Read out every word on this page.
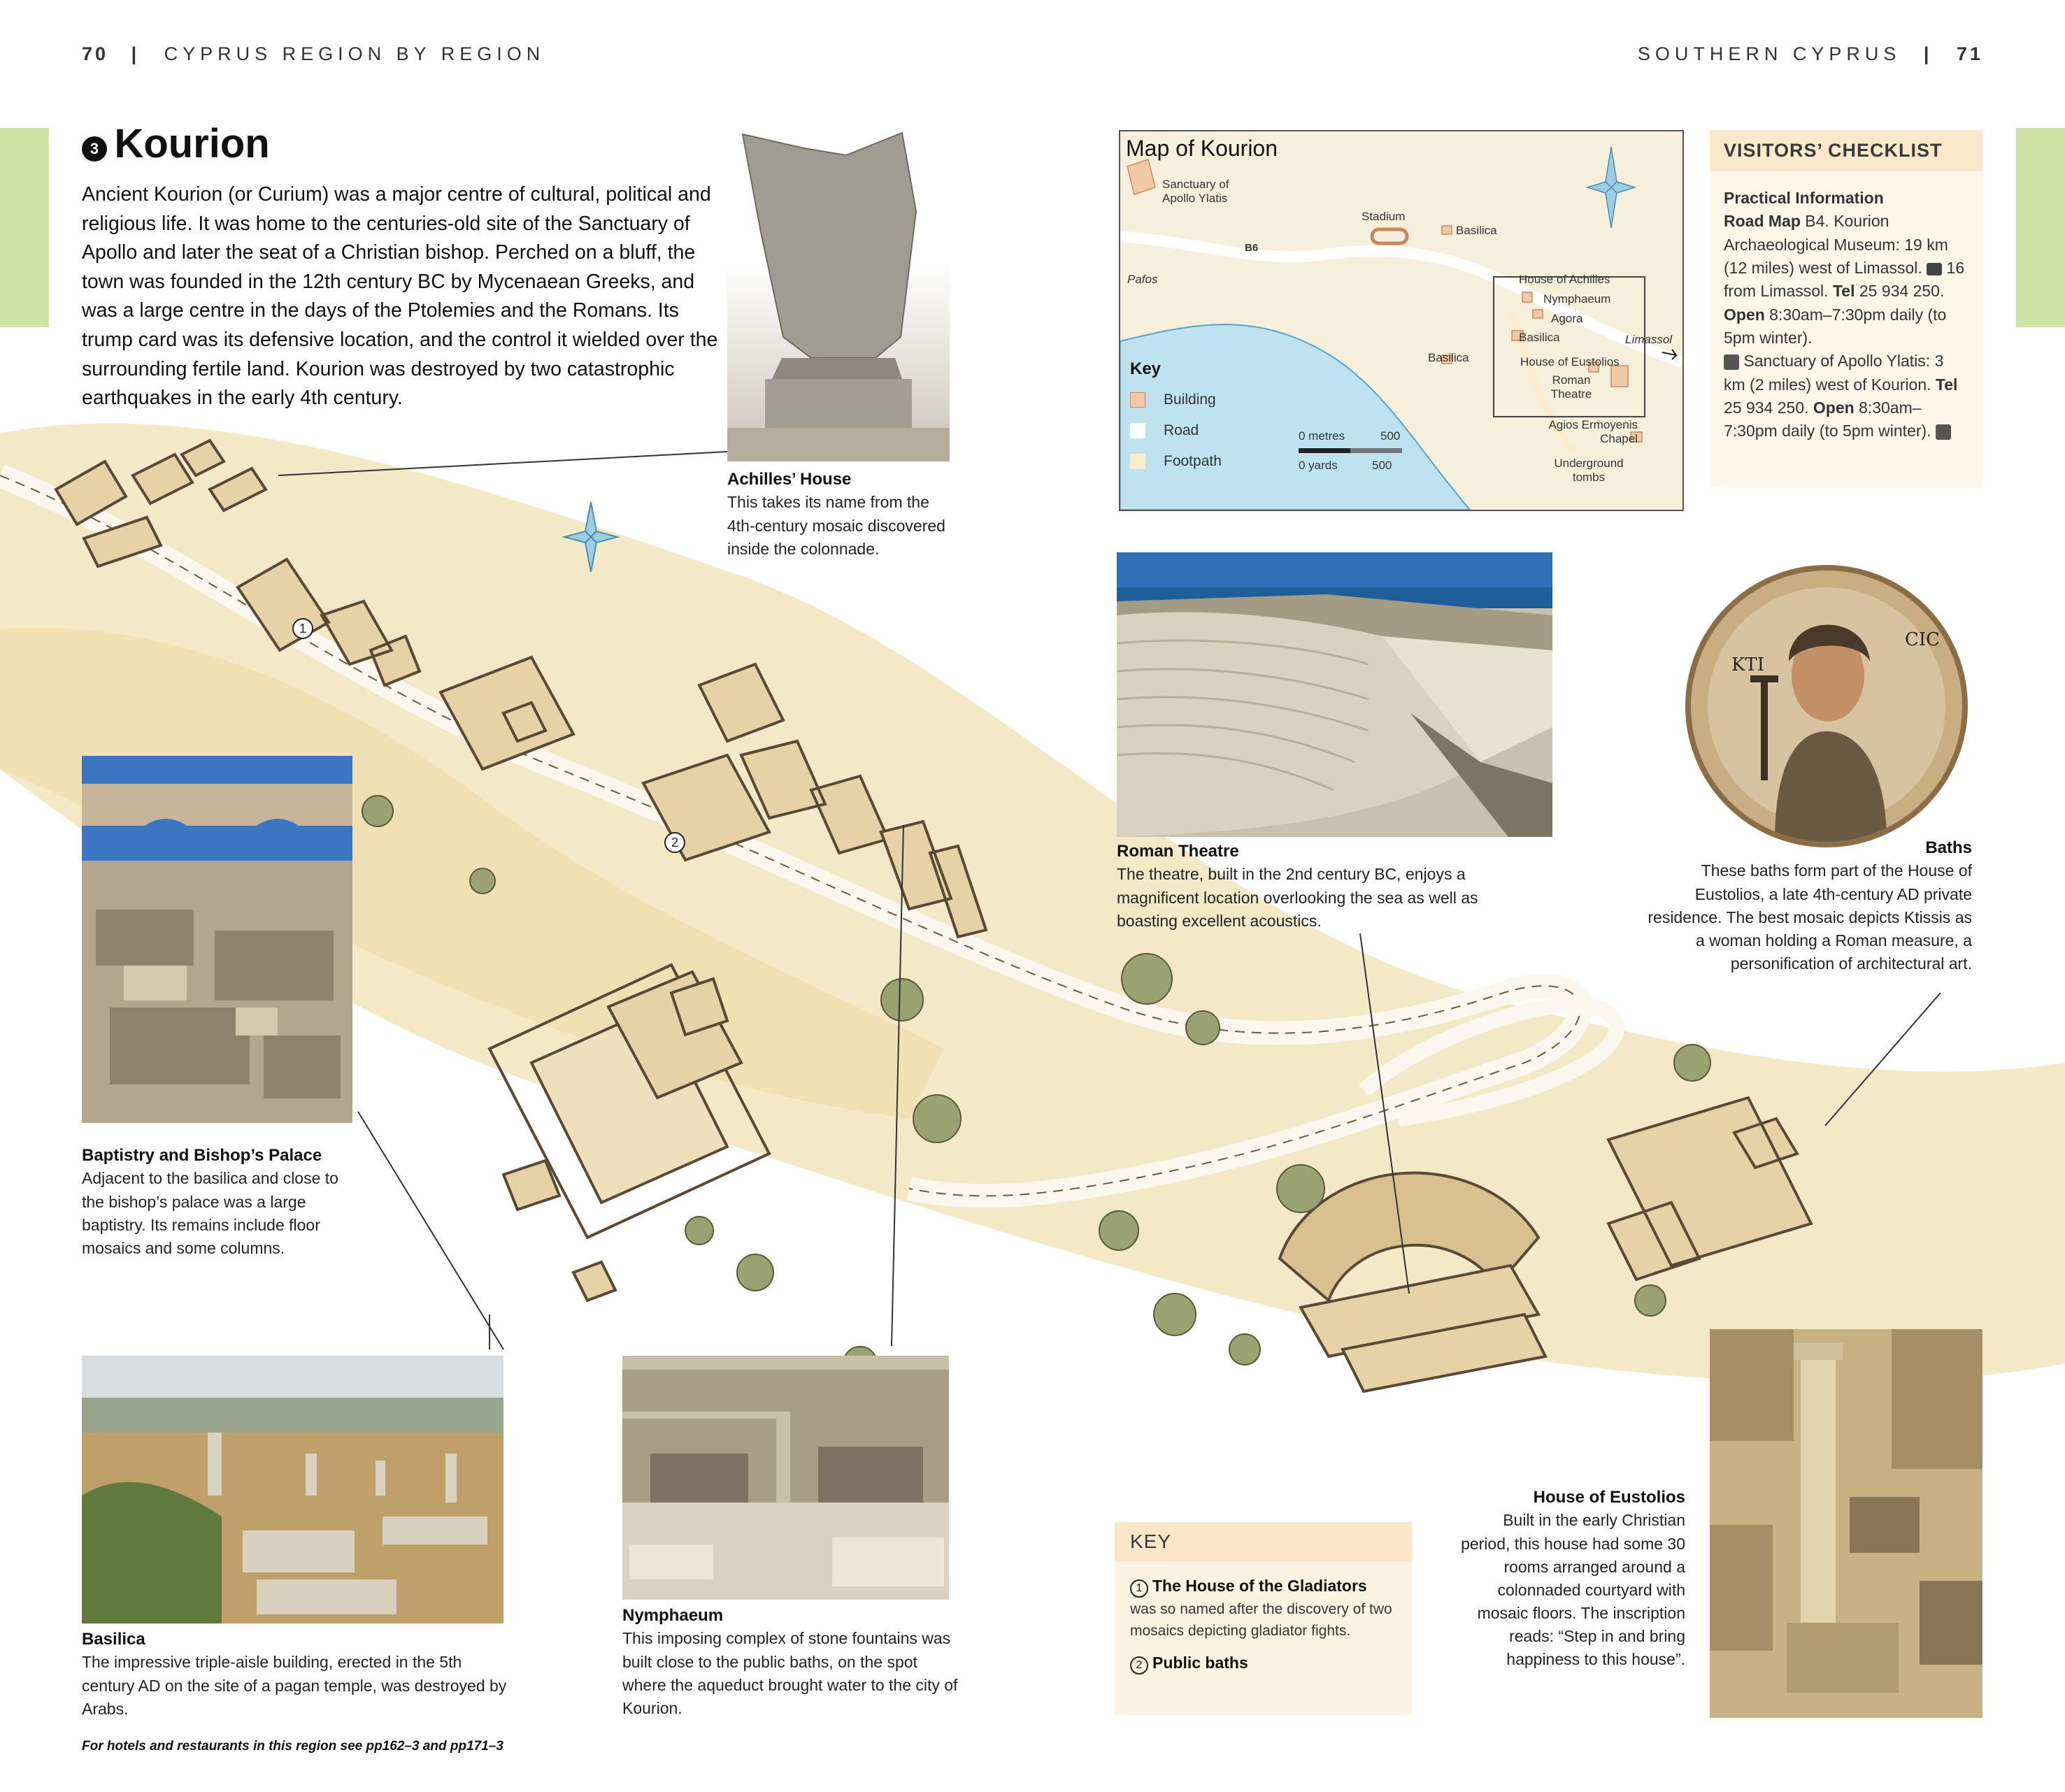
70 | CYPRUS REGION BY REGION	SOUTHERN CYPRUS | 71
1
2
3 Kourion

Ancient Kourion (or Curium) was a major centre of cultural, political and religious life. It was home to the centuries-old site of the Sanctuary of Apollo and later the seat of a Christian bishop. Perched on a bluff, the town was founded in the 12th century BC by Mycenaean Greeks, and was a large centre in the days of the Ptolemies and the Romans. Its trump card was its defensive location, and the control it wielded over the surrounding fertile land. Kourion was destroyed by two catastrophic earthquakes in the early 4th century.

Achilles’ House
This takes its name from the 4th-century mosaic discovered inside the colonnade.
Baptistry and Bishop’s Palace
Adjacent to the basilica and close to the bishop’s palace was a large baptistry. Its remains include floor mosaics and some columns.
Basilica
The impressive triple-aisle building, erected in the 5th century AD on the site of a pagan temple, was destroyed by Arabs.
Nymphaeum
This imposing complex of stone fountains was built close to the public baths, on the spot where the aqueduct brought water to the city of Kourion.
Map of Kourion
Sanctuary of Apollo Ylatis
Stadium
Basilica
B6
Pafos	House of Achilles
Nymphaeum
Agora
Basilica	Limassol
Basilica	House of Eustolios
Roman Theatre
Agios Ermoyenis Chapel
Underground tombs
Key
Building
Road
Footpath
0 metres	500
0 yards	500
VISITORS’ CHECKLIST
Practical Information
Road Map B4. Kourion Archaeological Museum: 19 km (12 miles) west of Limassol. 16 from Limassol. Tel 25 934 250. Open 8:30am–7:30pm daily (to 5pm winter).
Sanctuary of Apollo Ylatis: 3 km (2 miles) west of Kourion. Tel 25 934 250. Open 8:30am–7:30pm daily (to 5pm winter).
Roman Theatre
The theatre, built in the 2nd century BC, enjoys a magnificent location overlooking the sea as well as boasting excellent acoustics.
ΚΤΙ
CIC
Baths
These baths form part of the House of Eustolios, a late 4th-century AD private residence. The best mosaic depicts Ktissis as a woman holding a Roman measure, a personification of architectural art.
House of Eustolios
Built in the early Christian period, this house had some 30 rooms arranged around a colonnaded courtyard with mosaic floors. The inscription reads: “Step in and bring happiness to this house”.
KEY
1 The House of the Gladiators
was so named after the discovery of two mosaics depicting gladiator fights.
2 Public baths
For hotels and restaurants in this region see pp162–3 and pp171–3
